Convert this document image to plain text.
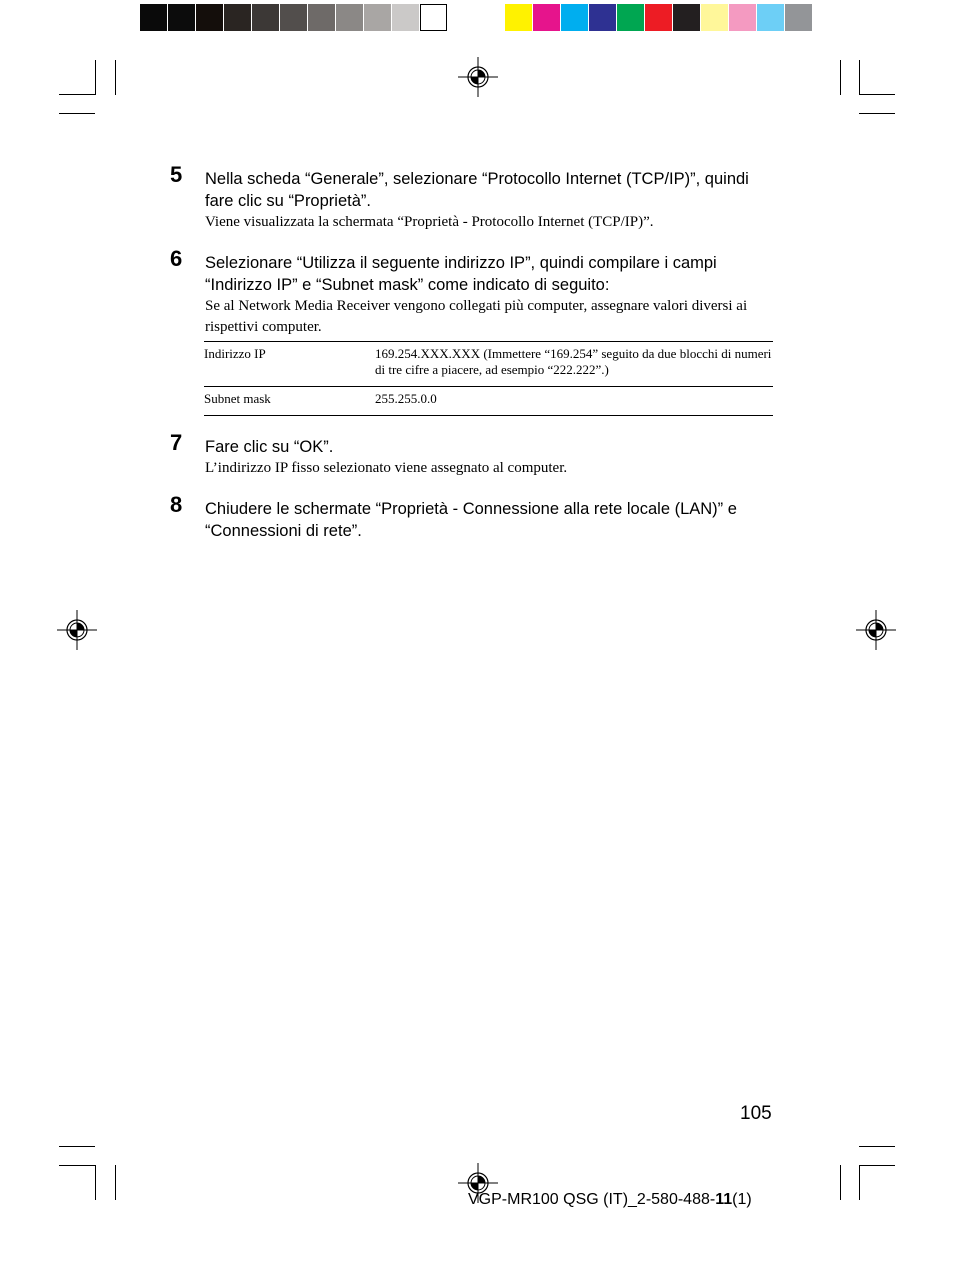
5 Nella scheda “Generale”, selezionare “Protocollo Internet (TCP/IP)”, quindi fare clic su “Proprietà”.
Viene visualizzata la schermata “Proprietà - Protocollo Internet (TCP/IP)”.
6 Selezionare “Utilizza il seguente indirizzo IP”, quindi compilare i campi “Indirizzo IP” e “Subnet mask” come indicato di seguito:
Se al Network Media Receiver vengono collegati più computer, assegnare valori diversi ai rispettivi computer.
Indirizzo IP	169.254.XXX.XXX (Immettere “169.254” seguito da due blocchi di numeri di tre cifre a piacere, ad esempio “222.222”.)
Subnet mask	255.255.0.0
7 Fare clic su “OK”.
L’indirizzo IP fisso selezionato viene assegnato al computer.
8 Chiudere le schermate “Proprietà - Connessione alla rete locale (LAN)” e “Connessioni di rete”.
105
VGP-MR100 QSG (IT)_2-580-488-11(1)
